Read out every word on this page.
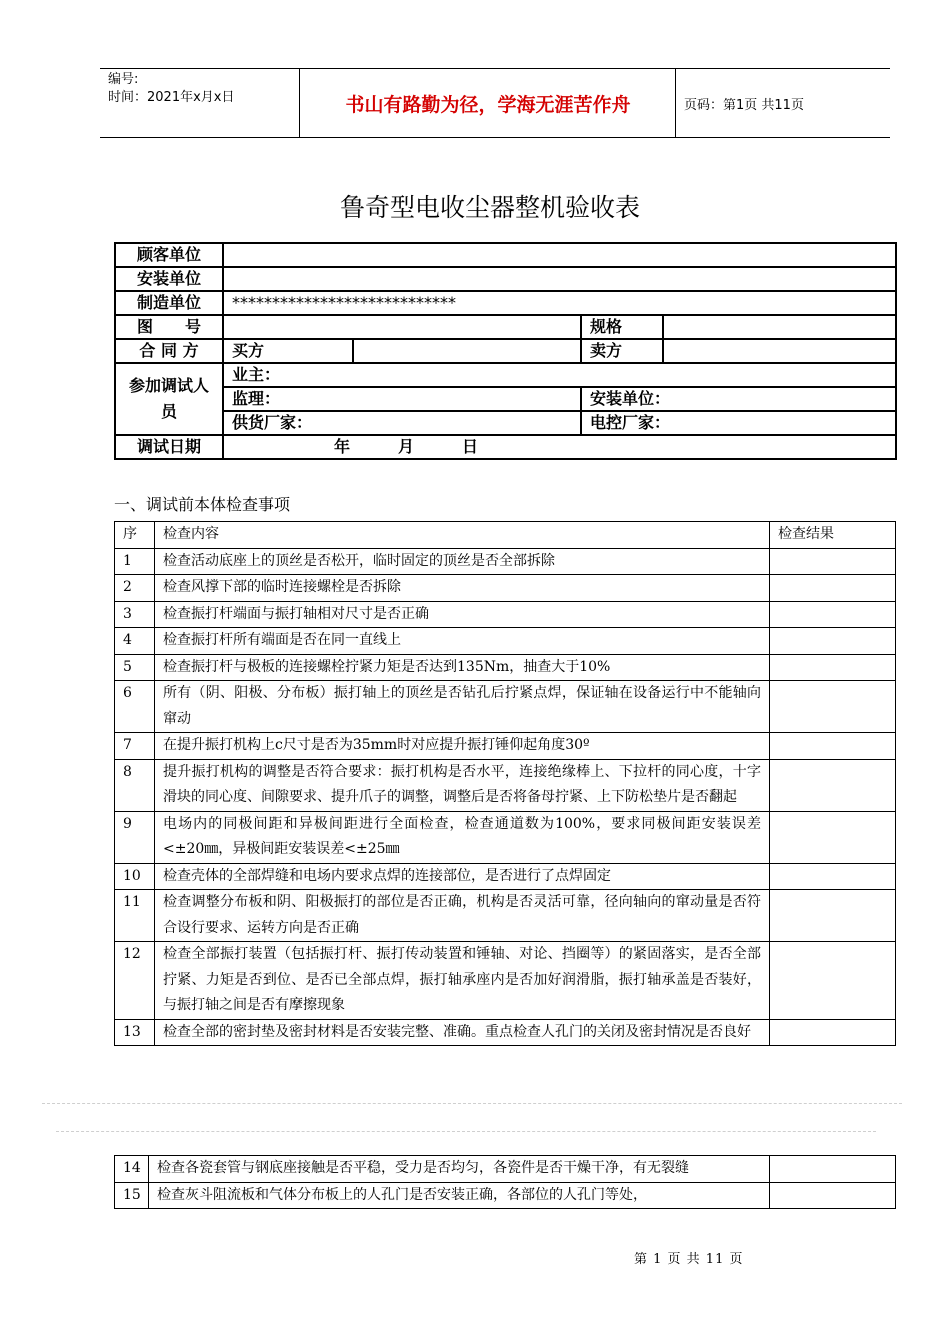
编号:
时间：2021年x月x日	书山有路勤为径，学海无涯苦作舟	页码：第1页 共11页
鲁奇型电收尘器整机验收表
顾客单位				
安装单位				
制造单位	****************************			
图　　号			规格	
合 同 方	买方		卖方	
参加调试人员	业主：			
	监理：		安装单位：	
	供货厂家：		电控厂家：	
调试日期	年　　　月　　　日			
一、调试前本体检查事项
序	检查内容	检查结果
1	检查活动底座上的顶丝是否松开，临时固定的顶丝是否全部拆除	
2	检查风撑下部的临时连接螺栓是否拆除	
3	检查振打杆端面与振打轴相对尺寸是否正确	
4	检查振打杆所有端面是否在同一直线上	
5	检查振打杆与极板的连接螺栓拧紧力矩是否达到135Nm，抽查大于10%	
6	所有（阴、阳极、分布板）振打轴上的顶丝是否钻孔后拧紧点焊，保证轴在设备运行中不能轴向窜动	
7	在提升振打机构上c尺寸是否为35mm时对应提升振打锤仰起角度30º	
8	提升振打机构的调整是否符合要求：振打机构是否水平，连接绝缘棒上、下拉杆的同心度，十字滑块的同心度、间隙要求、提升爪子的调整，调整后是否将备母拧紧、上下防松垫片是否翻起	
9	电场内的同极间距和异极间距进行全面检查，检查通道数为100%，要求同极间距安装误差<±20㎜，异极间距安装误差<±25㎜	
10	检查壳体的全部焊缝和电场内要求点焊的连接部位，是否进行了点焊固定	
11	检查调整分布板和阴、阳极振打的部位是否正确，机构是否灵活可靠，径向轴向的窜动量是否符合设行要求、运转方向是否正确	
12	检查全部振打装置（包括振打杆、振打传动装置和锤轴、对论、挡圈等）的紧固落实，是否全部拧紧、力矩是否到位、是否已全部点焊，振打轴承座内是否加好润滑脂，振打轴承盖是否装好，与振打轴之间是否有摩擦现象	
13	检查全部的密封垫及密封材料是否安装完整、准确。重点检查人孔门的关闭及密封情况是否良好	
14	检查各瓷套管与钢底座接触是否平稳，受力是否均匀，各瓷件是否干燥干净，有无裂缝	
15	检查灰斗阻流板和气体分布板上的人孔门是否安装正确，各部位的人孔门等处，	
第 1 页 共 11 页
